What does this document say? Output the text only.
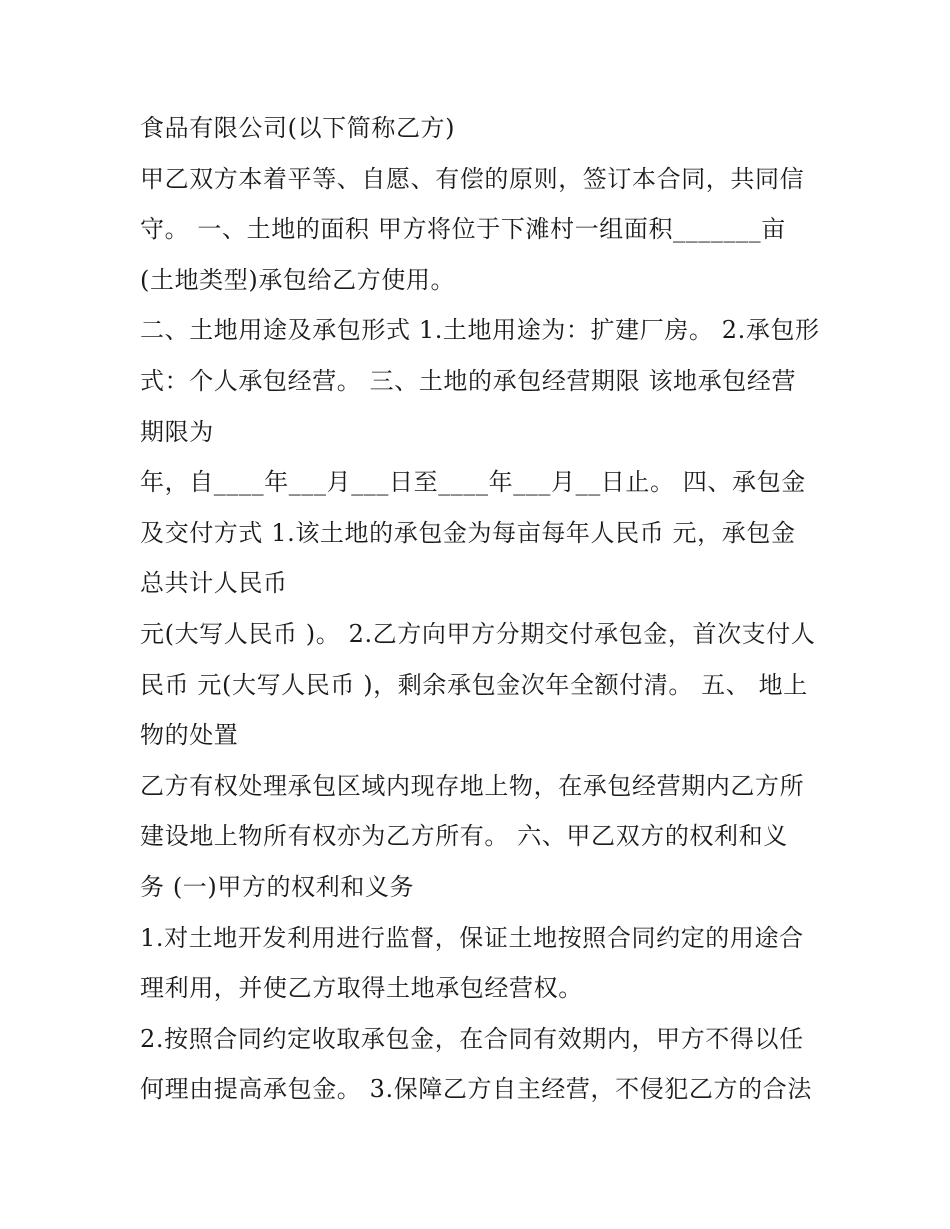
食品有限公司(以下简称乙方)
甲乙双方本着平等、自愿、有偿的原则，签订本合同，共同信
守。 一、土地的面积 甲方将位于下滩村一组面积_______亩
(土地类型)承包给乙方使用。
二、土地用途及承包形式 1.土地用途为：扩建厂房。 2.承包形
式：个人承包经营。 三、土地的承包经营期限 该地承包经营
期限为
年，自____年___月___日至____年___月__日止。 四、承包金
及交付方式 1.该土地的承包金为每亩每年人民币 元，承包金
总共计人民币
元(大写人民币 )。 2.乙方向甲方分期交付承包金，首次支付人
民币 元(大写人民币 )，剩余承包金次年全额付清。 五、 地上
物的处置
乙方有权处理承包区域内现存地上物，在承包经营期内乙方所
建设地上物所有权亦为乙方所有。 六、甲乙双方的权利和义
务 (一)甲方的权利和义务
1.对土地开发利用进行监督，保证土地按照合同约定的用途合
理利用，并使乙方取得土地承包经营权。
2.按照合同约定收取承包金，在合同有效期内，甲方不得以任
何理由提高承包金。 3.保障乙方自主经营，不侵犯乙方的合法
